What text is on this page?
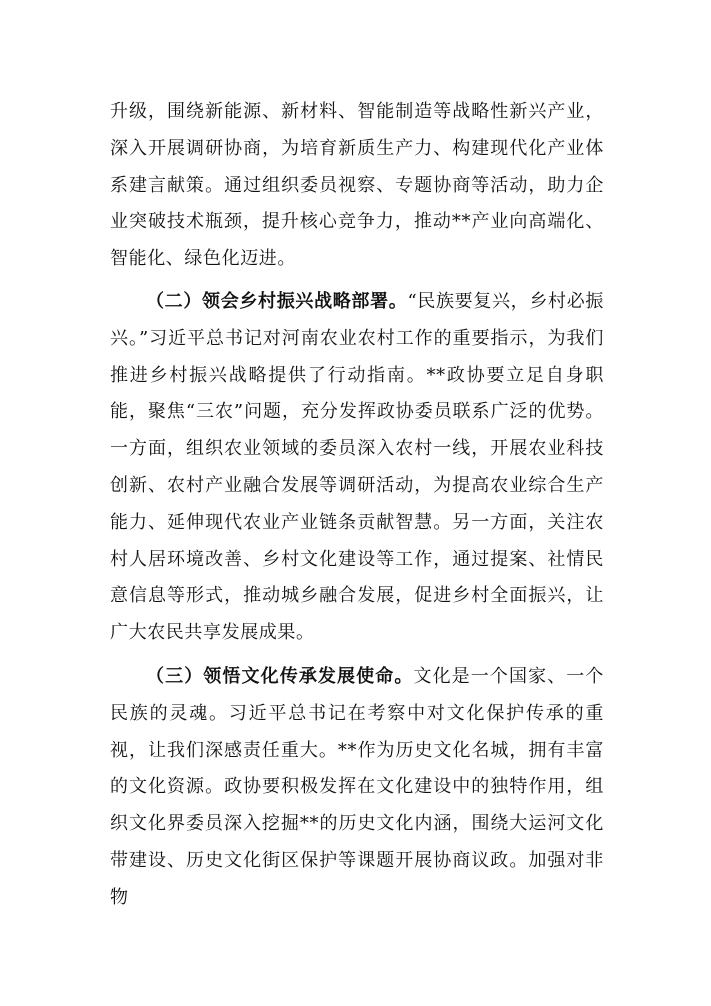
升级，围绕新能源、新材料、智能制造等战略性新兴产业，深入开展调研协商，为培育新质生产力、构建现代化产业体系建言献策。通过组织委员视察、专题协商等活动，助力企业突破技术瓶颈，提升核心竞争力，推动**产业向高端化、智能化、绿色化迈进。

（二）领会乡村振兴战略部署。“民族要复兴，乡村必振兴。”习近平总书记对河南农业农村工作的重要指示，为我们推进乡村振兴战略提供了行动指南。**政协要立足自身职能，聚焦“三农”问题，充分发挥政协委员联系广泛的优势。一方面，组织农业领域的委员深入农村一线，开展农业科技创新、农村产业融合发展等调研活动，为提高农业综合生产能力、延伸现代农业产业链条贡献智慧。另一方面，关注农村人居环境改善、乡村文化建设等工作，通过提案、社情民意信息等形式，推动城乡融合发展，促进乡村全面振兴，让广大农民共享发展成果。

（三）领悟文化传承发展使命。文化是一个国家、一个民族的灵魂。习近平总书记在考察中对文化保护传承的重视，让我们深感责任重大。**作为历史文化名城，拥有丰富的文化资源。政协要积极发挥在文化建设中的独特作用，组织文化界委员深入挖掘**的历史文化内涵，围绕大运河文化带建设、历史文化街区保护等课题开展协商议政。加强对非物
